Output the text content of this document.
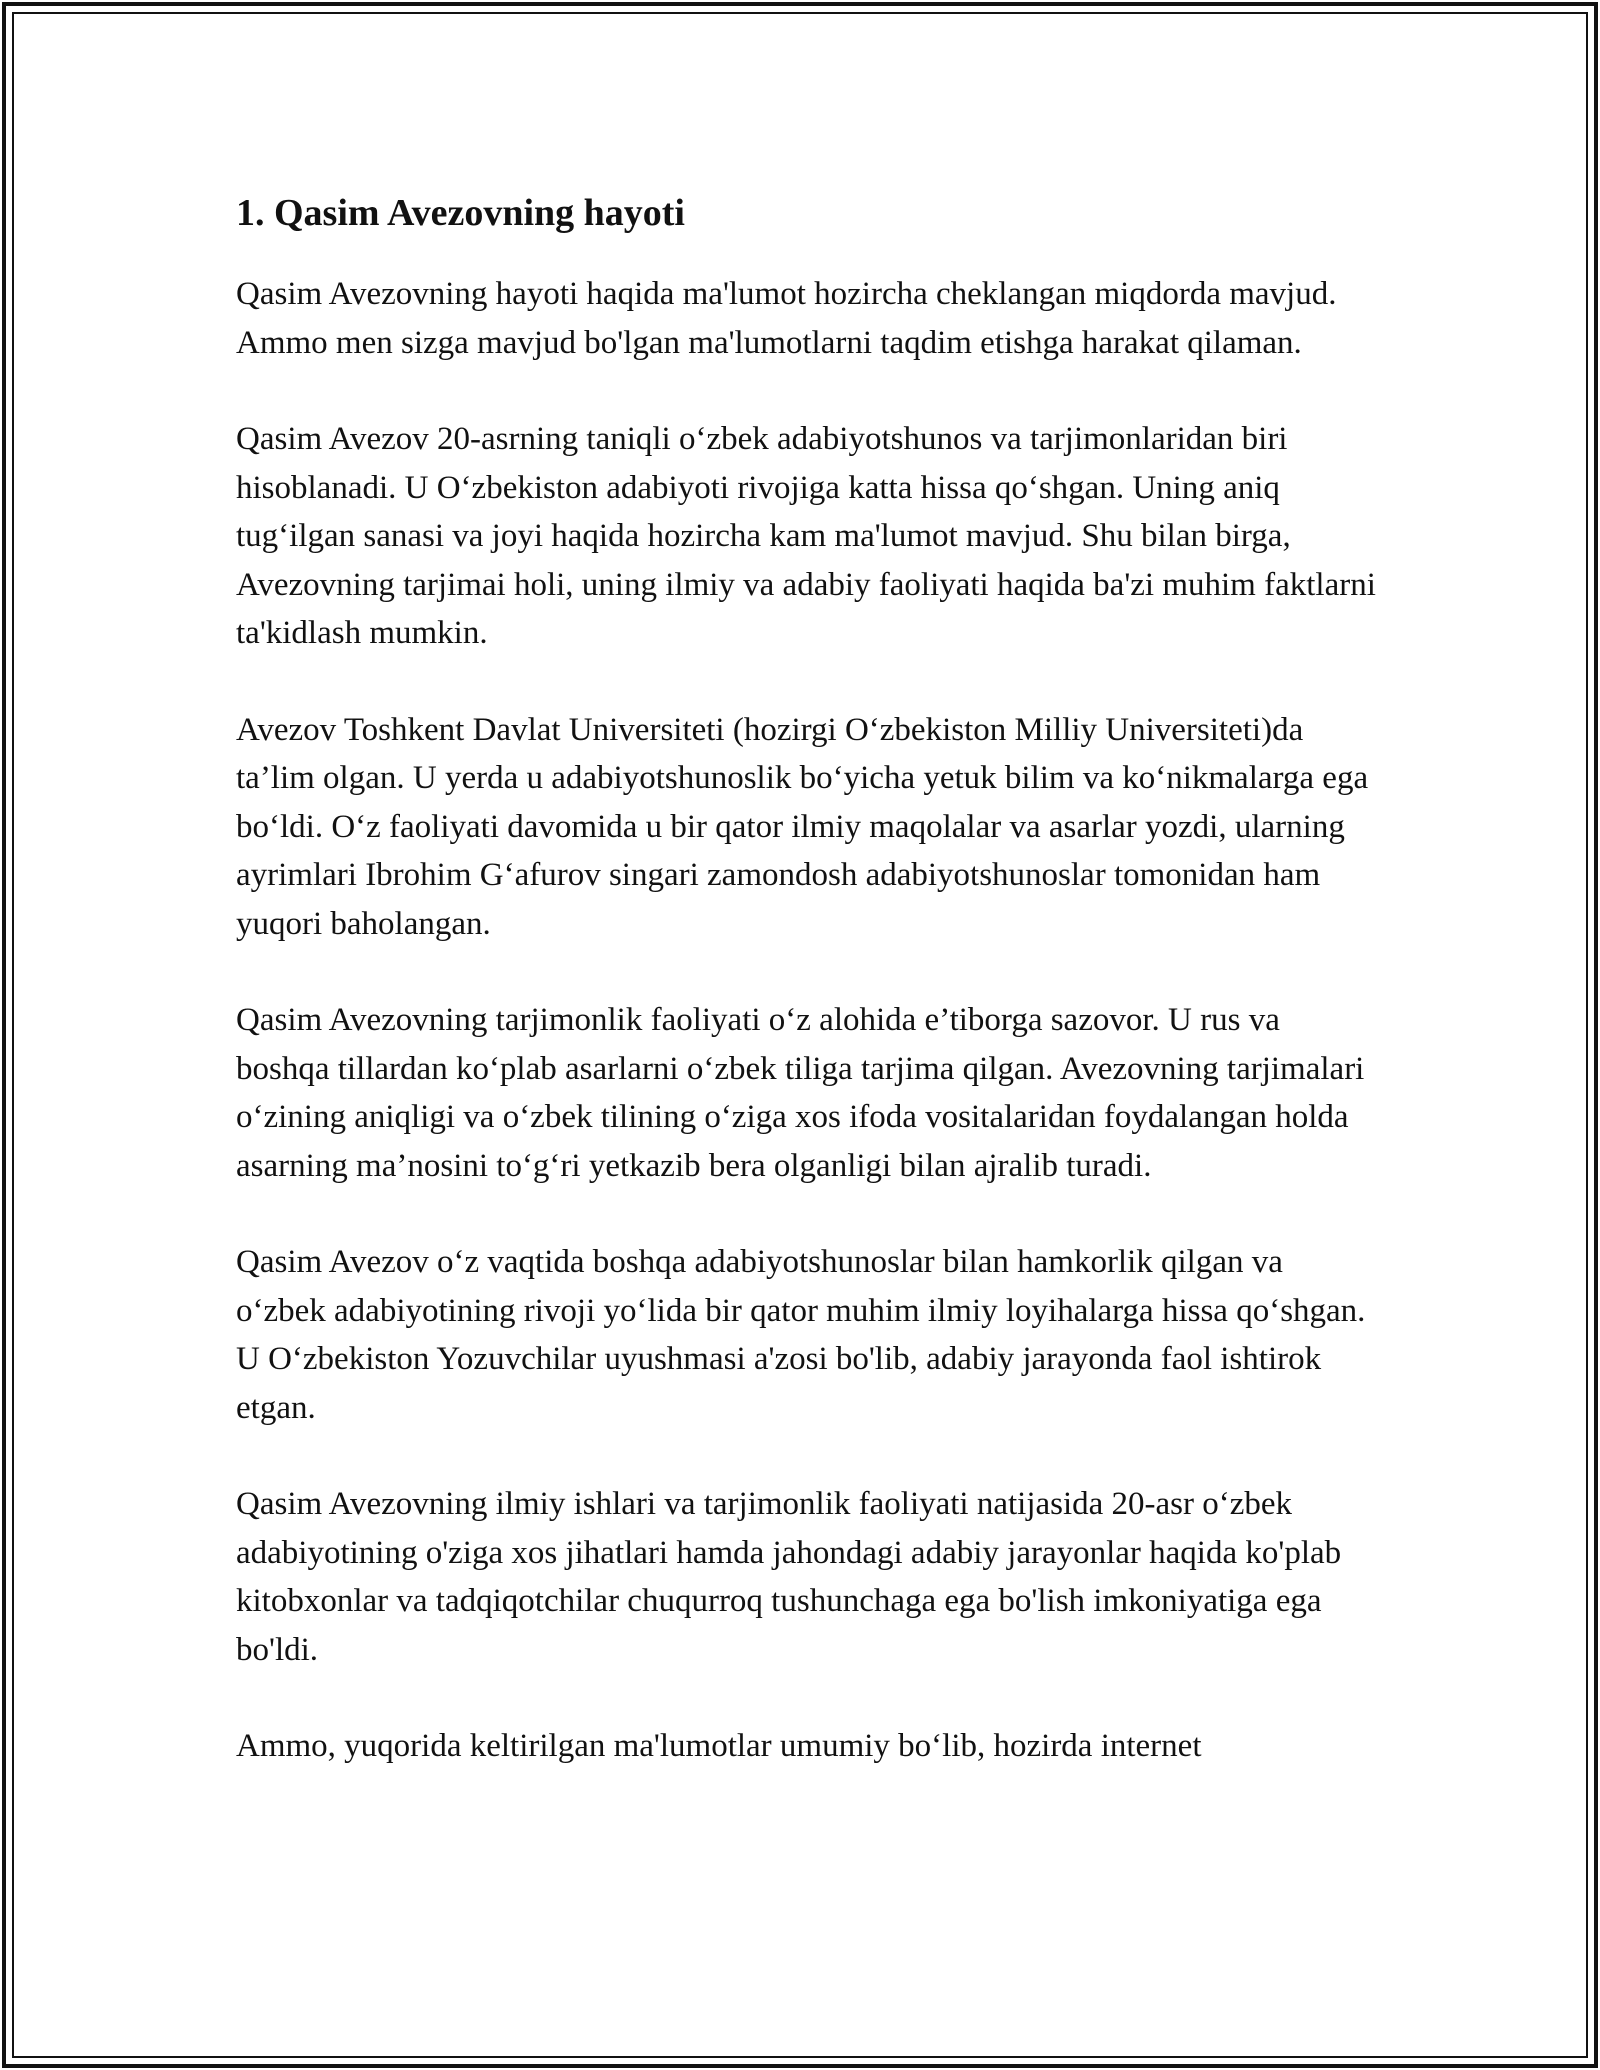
1. Qasim Avezovning hayoti

Qasim Avezovning hayoti haqida ma'lumot hozircha cheklangan miqdorda mavjud. Ammo men sizga mavjud bo'lgan ma'lumotlarni taqdim etishga harakat qilaman.

Qasim Avezov 20-asrning taniqli o‘zbek adabiyotshunos va tarjimonlaridan biri hisoblanadi. U O‘zbekiston adabiyoti rivojiga katta hissa qo‘shgan. Uning aniq tug‘ilgan sanasi va joyi haqida hozircha kam ma'lumot mavjud. Shu bilan birga, Avezovning tarjimai holi, uning ilmiy va adabiy faoliyati haqida ba'zi muhim faktlarni ta'kidlash mumkin.

Avezov Toshkent Davlat Universiteti (hozirgi O‘zbekiston Milliy Universiteti)da ta’lim olgan. U yerda u adabiyotshunoslik bo‘yicha yetuk bilim va ko‘nikmalarga ega bo‘ldi. O‘z faoliyati davomida u bir qator ilmiy maqolalar va asarlar yozdi, ularning ayrimlari Ibrohim G‘afurov singari zamondosh adabiyotshunoslar tomonidan ham yuqori baholangan.

Qasim Avezovning tarjimonlik faoliyati o‘z alohida e’tiborga sazovor. U rus va boshqa tillardan ko‘plab asarlarni o‘zbek tiliga tarjima qilgan. Avezovning tarjimalari o‘zining aniqligi va o‘zbek tilining o‘ziga xos ifoda vositalaridan foydalangan holda asarning ma’nosini to‘g‘ri yetkazib bera olganligi bilan ajralib turadi.

Qasim Avezov o‘z vaqtida boshqa adabiyotshunoslar bilan hamkorlik qilgan va o‘zbek adabiyotining rivoji yo‘lida bir qator muhim ilmiy loyihalarga hissa qo‘shgan. U O‘zbekiston Yozuvchilar uyushmasi a'zosi bo'lib, adabiy jarayonda faol ishtirok etgan.

Qasim Avezovning ilmiy ishlari va tarjimonlik faoliyati natijasida 20-asr o‘zbek adabiyotining o'ziga xos jihatlari hamda jahondagi adabiy jarayonlar haqida ko'plab kitobxonlar va tadqiqotchilar chuqurroq tushunchaga ega bo'lish imkoniyatiga ega bo'ldi.

Ammo, yuqorida keltirilgan ma'lumotlar umumiy bo‘lib, hozirda internet
